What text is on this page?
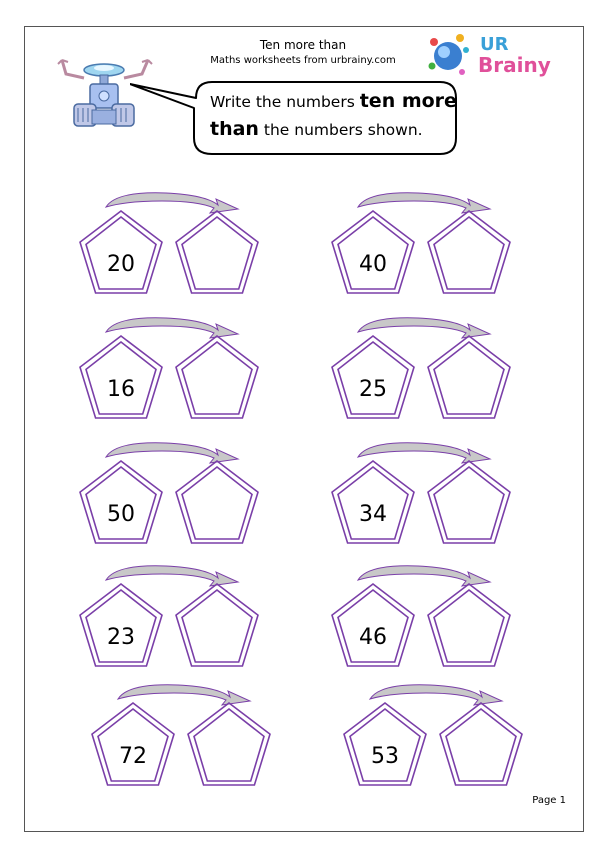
Ten more than
Maths worksheets from urbrainy.com
UR
Brainy
Write the numbers ten more than the numbers shown.
20	40
16	25
50	34
23	46
72	53
Page 1
